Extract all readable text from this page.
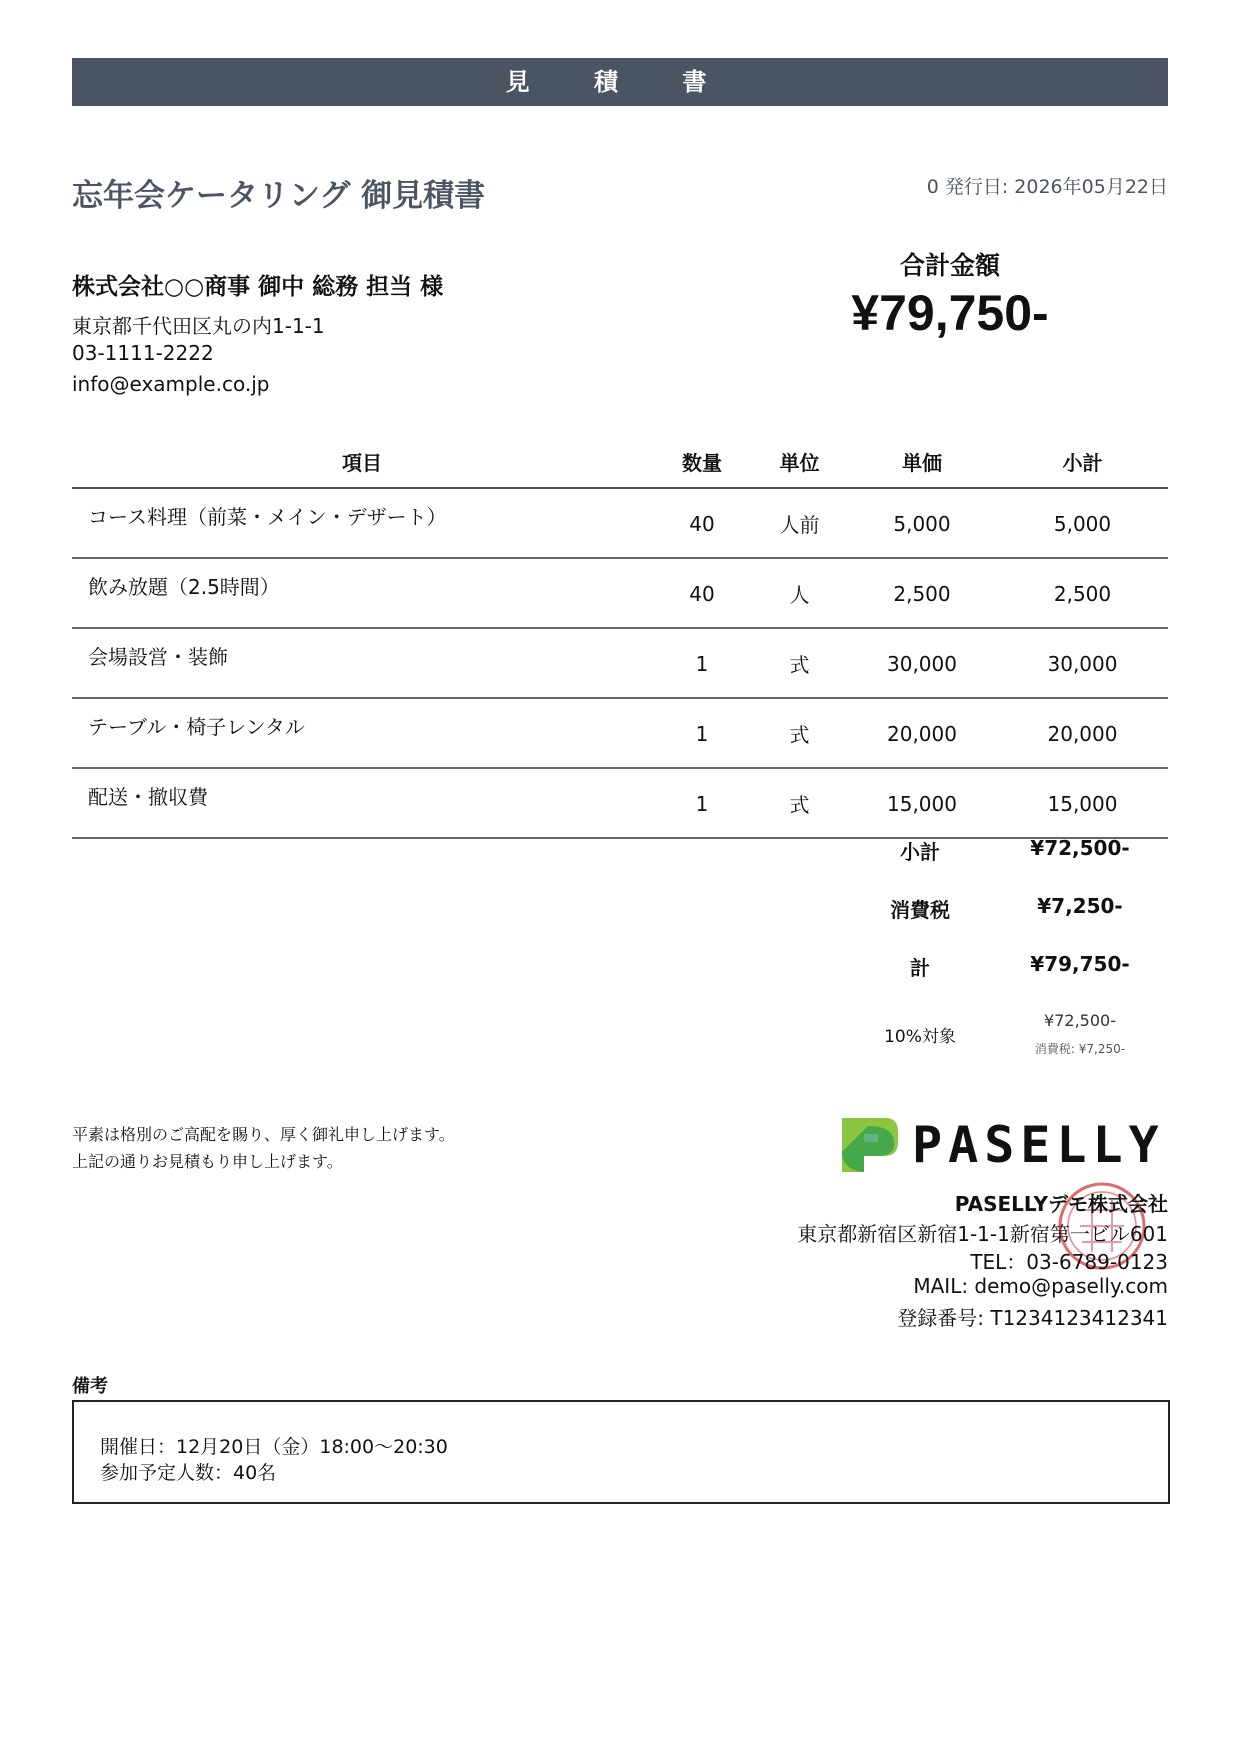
見 積 書
忘年会ケータリング 御見積書	0 発行日: 2026年05月22日
株式会社○○商事 御中 総務 担当 様
東京都千代田区丸の内1-1-1
03-1111-2222
info@example.co.jp
合計金額
¥79,750-
項目	数量	単位	単価	小計
コース料理（前菜・メイン・デザート）	40	人前	5,000	5,000
飲み放題（2.5時間）	40	人	2,500	2,500
会場設営・装飾	1	式	30,000	30,000
テーブル・椅子レンタル	1	式	20,000	20,000
配送・撤収費	1	式	15,000	15,000
小計	¥72,500-
消費税	¥7,250-
計	¥79,750-
10%対象
¥72,500-
消費税: ¥7,250-
平素は格別のご高配を賜り、厚く御礼申し上げます。
上記の通りお見積もり申し上げます。	PASELLY
PASELLYデモ株式会社
東京都新宿区新宿1-1-1新宿第一ビル601
TEL：03-6789-0123
MAIL: demo@paselly.com
登録番号: T1234123412341
備考
開催日：12月20日（金）18:00〜20:30
参加予定人数：40名
